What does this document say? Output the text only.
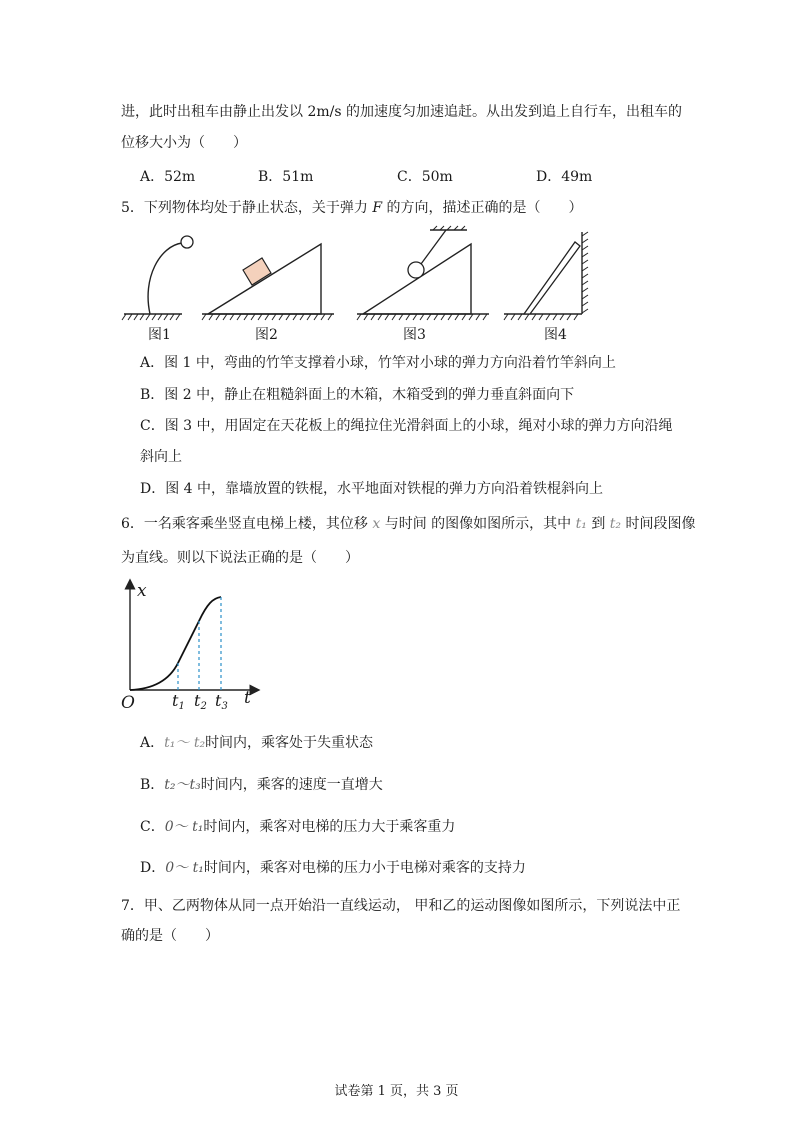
进，此时出租车由静止出发以 2m/s 的加速度匀加速追赶。从出发到追上自行车，出租车的
位移大小为（　　）
A．52m	B．51m	C．50m	D．49m
5．下列物体均处于静止状态，关于弹力 F 的方向，描述正确的是（　　）
图1	图2	图3	图4
A．图 1 中，弯曲的竹竿支撑着小球，竹竿对小球的弹力方向沿着竹竿斜向上
B．图 2 中，静止在粗糙斜面上的木箱，木箱受到的弹力垂直斜面向下
C．图 3 中，用固定在天花板上的绳拉住光滑斜面上的小球，绳对小球的弹力方向沿绳
斜向上
D．图 4 中，靠墙放置的铁棍，水平地面对铁棍的弹力方向沿着铁棍斜向上
6．一名乘客乘坐竖直电梯上楼，其位移 x 与时间 的图像如图所示，其中 t₁ 到 t₂ 时间段图像
为直线。则以下说法正确的是（　　）
x
t
O $t_1$ $t_2$ $t_3$
A．t₁～ t₂时间内，乘客处于失重状态
B．t₂～t₃时间内，乘客的速度一直增大
C．0～ t₁时间内，乘客对电梯的压力大于乘客重力
D．0～ t₁时间内，乘客对电梯的压力小于电梯对乘客的支持力
7．甲、乙两物体从同一点开始沿一直线运动， 甲和乙的运动图像如图所示，下列说法中正
确的是（　　）
试卷第 1 页，共 3 页
